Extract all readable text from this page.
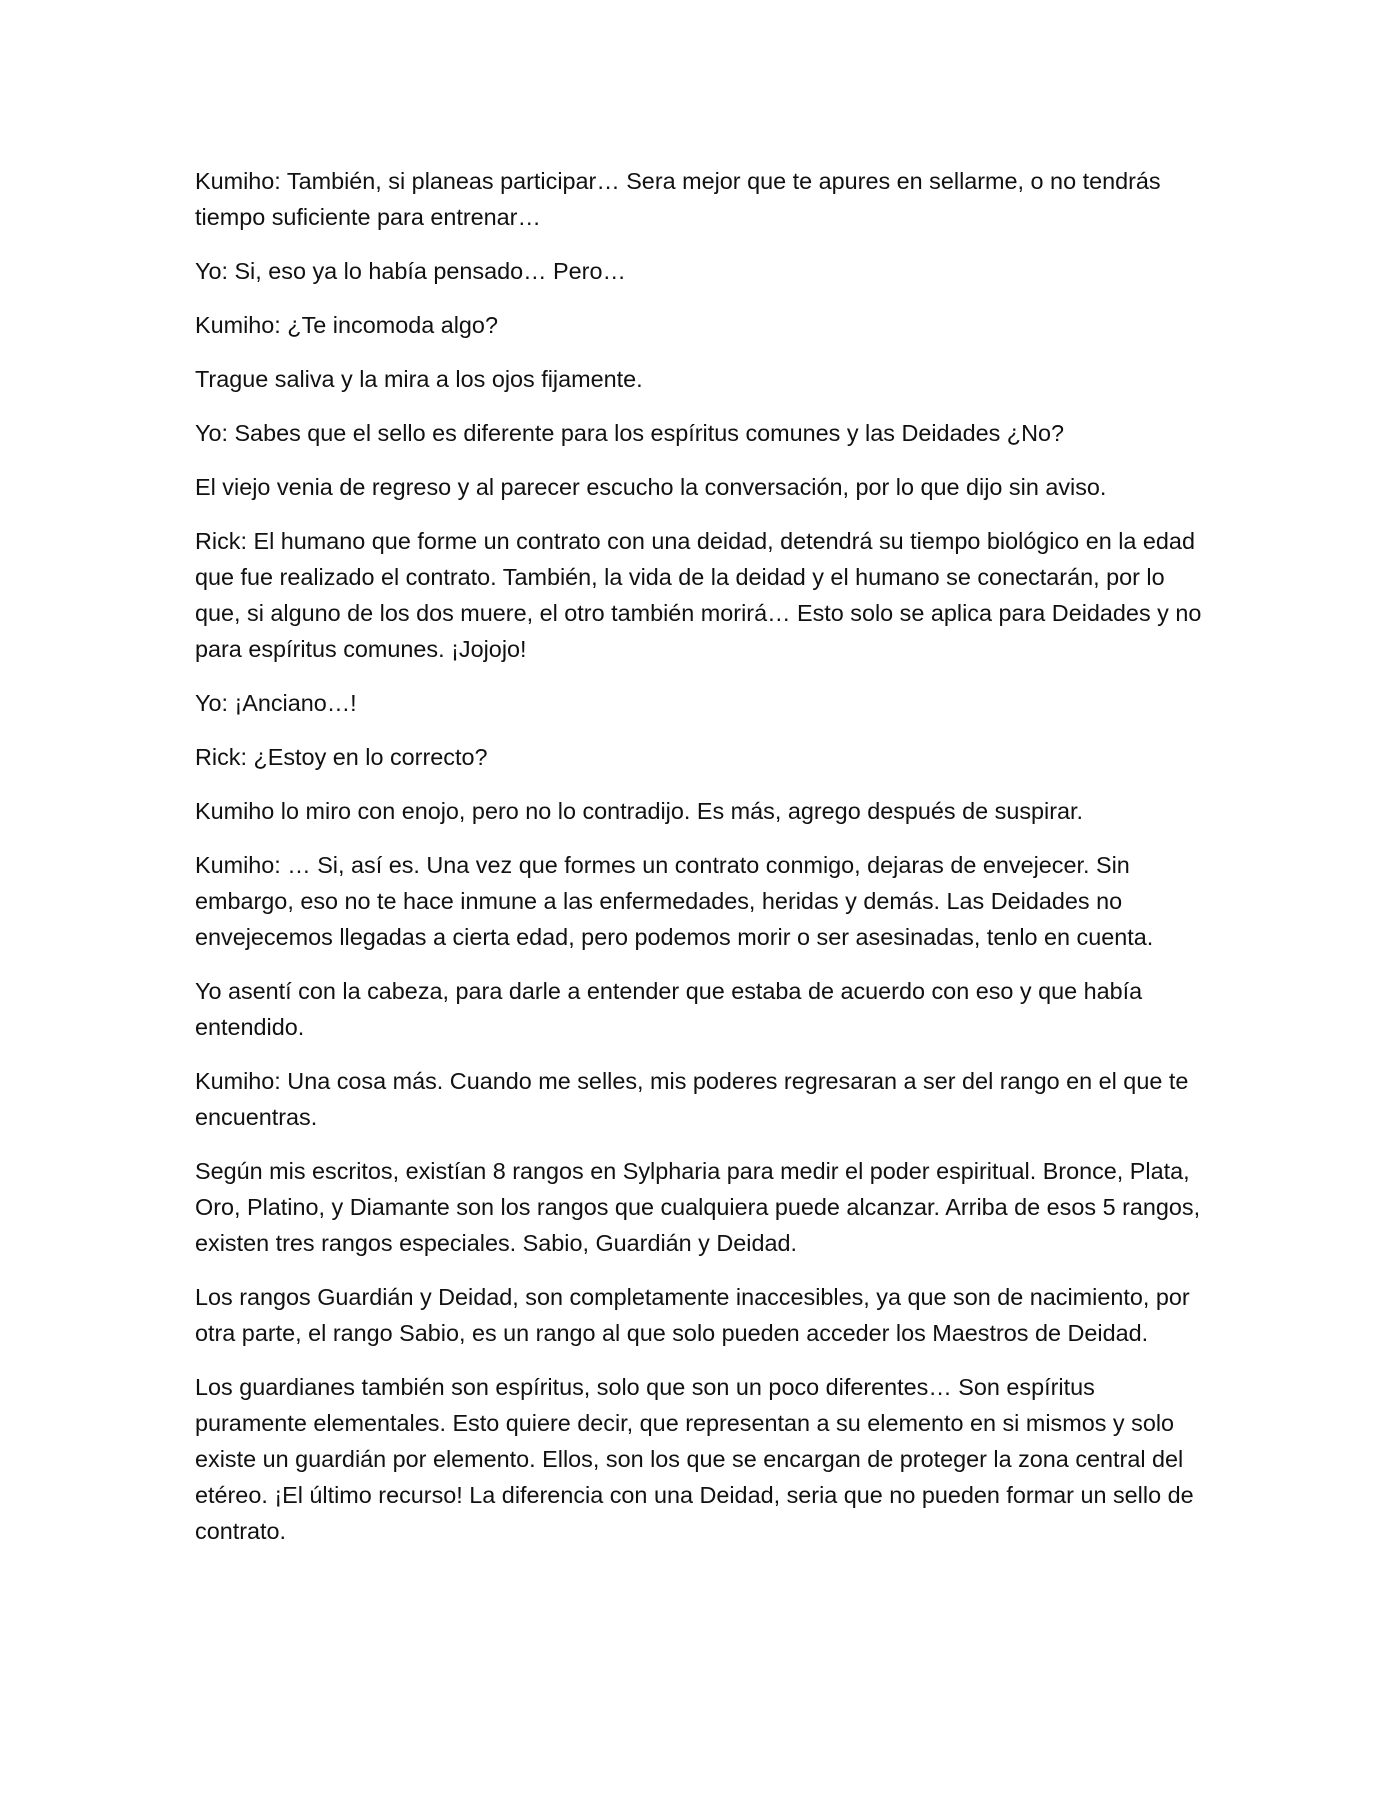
Kumiho: También, si planeas participar… Sera mejor que te apures en sellarme, o no tendrás tiempo suficiente para entrenar…

Yo: Si, eso ya lo había pensado… Pero…

Kumiho: ¿Te incomoda algo?

Trague saliva y la mira a los ojos fijamente.

Yo: Sabes que el sello es diferente para los espíritus comunes y las Deidades ¿No?

El viejo venia de regreso y al parecer escucho la conversación, por lo que dijo sin aviso.

Rick: El humano que forme un contrato con una deidad, detendrá su tiempo biológico en la edad que fue realizado el contrato. También, la vida de la deidad y el humano se conectarán, por lo que, si alguno de los dos muere, el otro también morirá… Esto solo se aplica para Deidades y no para espíritus comunes. ¡Jojojo!

Yo: ¡Anciano…!

Rick: ¿Estoy en lo correcto?

Kumiho lo miro con enojo, pero no lo contradijo. Es más, agrego después de suspirar.

Kumiho: … Si, así es. Una vez que formes un contrato conmigo, dejaras de envejecer. Sin embargo, eso no te hace inmune a las enfermedades, heridas y demás. Las Deidades no envejecemos llegadas a cierta edad, pero podemos morir o ser asesinadas, tenlo en cuenta.

Yo asentí con la cabeza, para darle a entender que estaba de acuerdo con eso y que había entendido.

Kumiho: Una cosa más. Cuando me selles, mis poderes regresaran a ser del rango en el que te encuentras.

Según mis escritos, existían 8 rangos en Sylpharia para medir el poder espiritual. Bronce, Plata, Oro, Platino, y Diamante son los rangos que cualquiera puede alcanzar. Arriba de esos 5 rangos, existen tres rangos especiales. Sabio, Guardián y Deidad.

Los rangos Guardián y Deidad, son completamente inaccesibles, ya que son de nacimiento, por otra parte, el rango Sabio, es un rango al que solo pueden acceder los Maestros de Deidad.

Los guardianes también son espíritus, solo que son un poco diferentes… Son espíritus puramente elementales. Esto quiere decir, que representan a su elemento en si mismos y solo existe un guardián por elemento. Ellos, son los que se encargan de proteger la zona central del etéreo. ¡El último recurso! La diferencia con una Deidad, seria que no pueden formar un sello de contrato.
